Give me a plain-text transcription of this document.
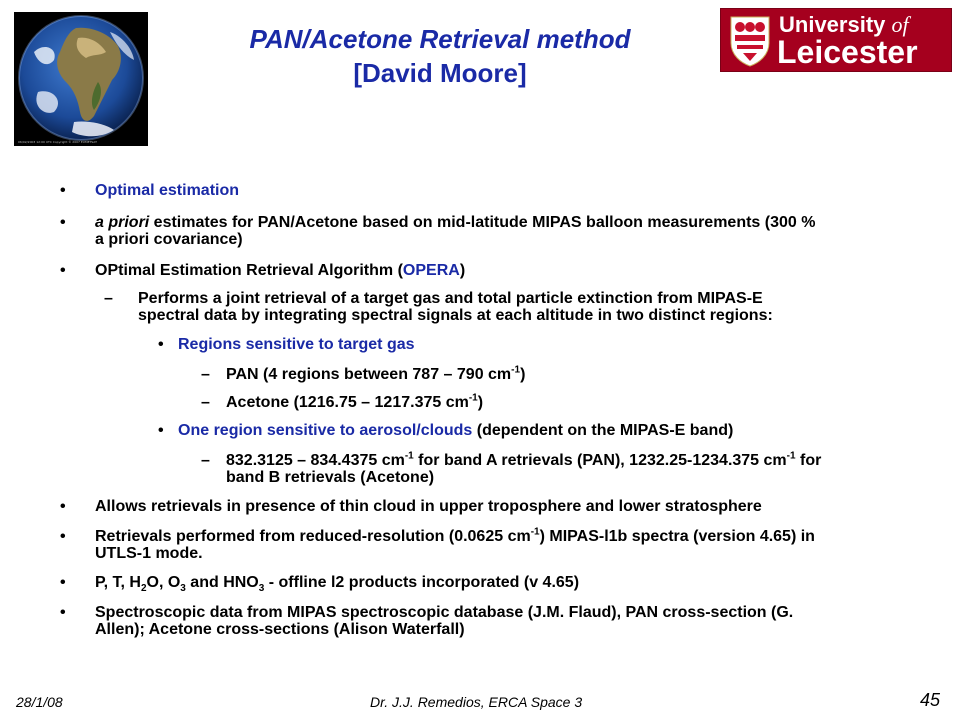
06/02/2003 12:00 UTC Copyright © 2007 EUMETSAT
PAN/Acetone Retrieval method
[David Moore]
University of
Leicester
• Optimal estimation
• a priori estimates for PAN/Acetone based on mid-latitude MIPAS balloon measurements (300 %
a priori covariance)
• OPtimal Estimation Retrieval Algorithm (OPERA)
– Performs a joint retrieval of a target gas and total particle extinction from MIPAS-E
spectral data by integrating spectral signals at each altitude in two distinct regions:
• Regions sensitive to target gas
– PAN (4 regions between 787 – 790 $cm^{-1}$)
– Acetone (1216.75 – 1217.375 $cm^{-1}$)
• One region sensitive to aerosol/clouds (dependent on the MIPAS-E band)
– 832.3125 – 834.4375 $cm^{-1}$ for band A retrievals (PAN), 1232.25-1234.375 $cm^{-1}$ for
band B retrievals (Acetone)
• Allows retrievals in presence of thin cloud in upper troposphere and lower stratosphere
• Retrievals performed from reduced-resolution (0.0625 $cm^{-1}$) MIPAS-l1b spectra (version 4.65) in
UTLS-1 mode.
• P, T, $H_2O$, $O_3$ and $HNO_3$ - offline l2 products incorporated (v 4.65)
• Spectroscopic data from MIPAS spectroscopic database (J.M. Flaud), PAN cross-section (G.
Allen); Acetone cross-sections (Alison Waterfall)
28/1/08	Dr. J.J. Remedios, ERCA Space 3	45
